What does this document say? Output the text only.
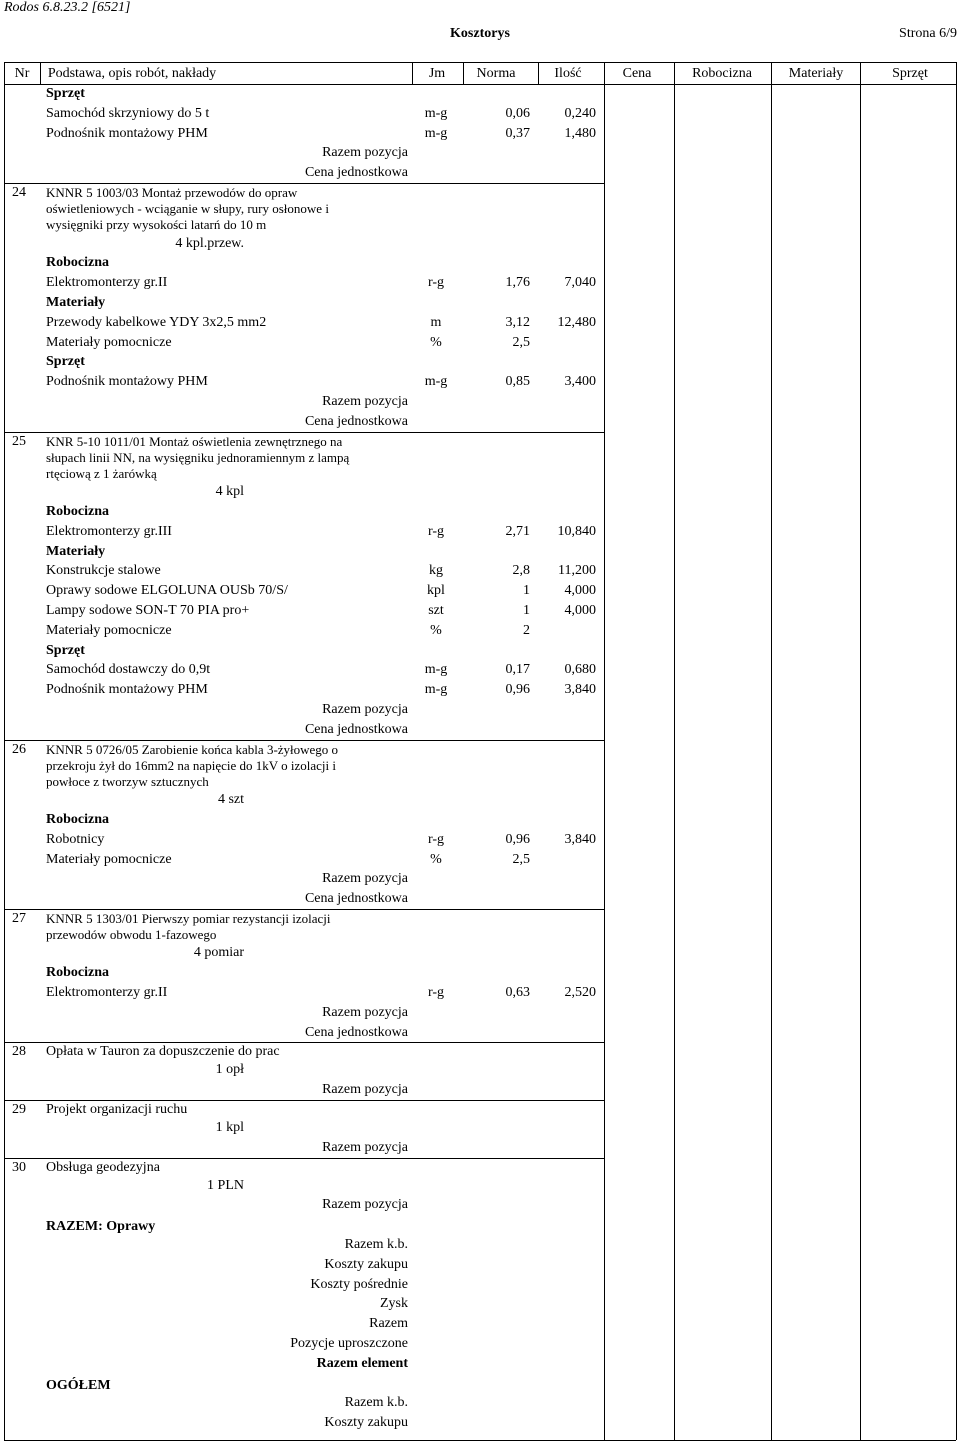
Rodos 6.8.23.2 [6521]
Kosztorys	Strona 6/9
Nr	Podstawa, opis robót, nakłady	Jm	Norma	Ilość	Cena	Robocizna	Materiały	Sprzęt
Sprzęt
Samochód skrzyniowy do 5 t	m-g	0,06 0,240
Podnośnik montażowy PHM	m-g	0,37 1,480
Razem pozycja
Cena jednostkowa
24 KNNR 5 1003/03 Montaż przewodów do opraw
oświetleniowych - wciąganie w słupy, rury osłonowe i
wysięgniki przy wysokości latarń do 10 m
4 kpl.przew.
Robocizna
Elektromonterzy gr.II	r-g	1,76 7,040
Materiały
Przewody kabelkowe YDY 3x2,5 mm2	m	3,12 12,480
Materiały pomocnicze	%	2,5
Sprzęt
Podnośnik montażowy PHM	m-g	0,85 3,400
Razem pozycja
Cena jednostkowa
25 KNR 5-10 1011/01 Montaż oświetlenia zewnętrznego na
słupach linii NN, na wysięgniku jednoramiennym z lampą
rtęciową z 1 żarówką
4 kpl
Robocizna
Elektromonterzy gr.III	r-g	2,71 10,840
Materiały
Konstrukcje stalowe	kg	2,8 11,200
Oprawy sodowe ELGOLUNA OUSb 70/S/	kpl	1 4,000
Lampy sodowe SON-T 70 PIA pro+	szt	1 4,000
Materiały pomocnicze	%	2
Sprzęt
Samochód dostawczy do 0,9t	m-g	0,17 0,680
Podnośnik montażowy PHM	m-g	0,96 3,840
Razem pozycja
Cena jednostkowa
26 KNNR 5 0726/05 Zarobienie końca kabla 3-żyłowego o
przekroju żył do 16mm2 na napięcie do 1kV o izolacji i
powłoce z tworzyw sztucznych
4 szt
Robocizna
Robotnicy	r-g	0,96 3,840
Materiały pomocnicze	%	2,5
Razem pozycja
Cena jednostkowa
27 KNNR 5 1303/01 Pierwszy pomiar rezystancji izolacji
przewodów obwodu 1-fazowego
4 pomiar
Robocizna
Elektromonterzy gr.II	r-g	0,63 2,520
Razem pozycja
Cena jednostkowa
28 Opłata w Tauron za dopuszczenie do prac
1 opł
Razem pozycja
29 Projekt organizacji ruchu
1 kpl
Razem pozycja
30 Obsługa geodezyjna
1 PLN
Razem pozycja
RAZEM: Oprawy
Razem k.b.
Koszty zakupu
Koszty pośrednie
Zysk
Razem
Pozycje uproszczone
Razem element
OGÓŁEM
Razem k.b.
Koszty zakupu
